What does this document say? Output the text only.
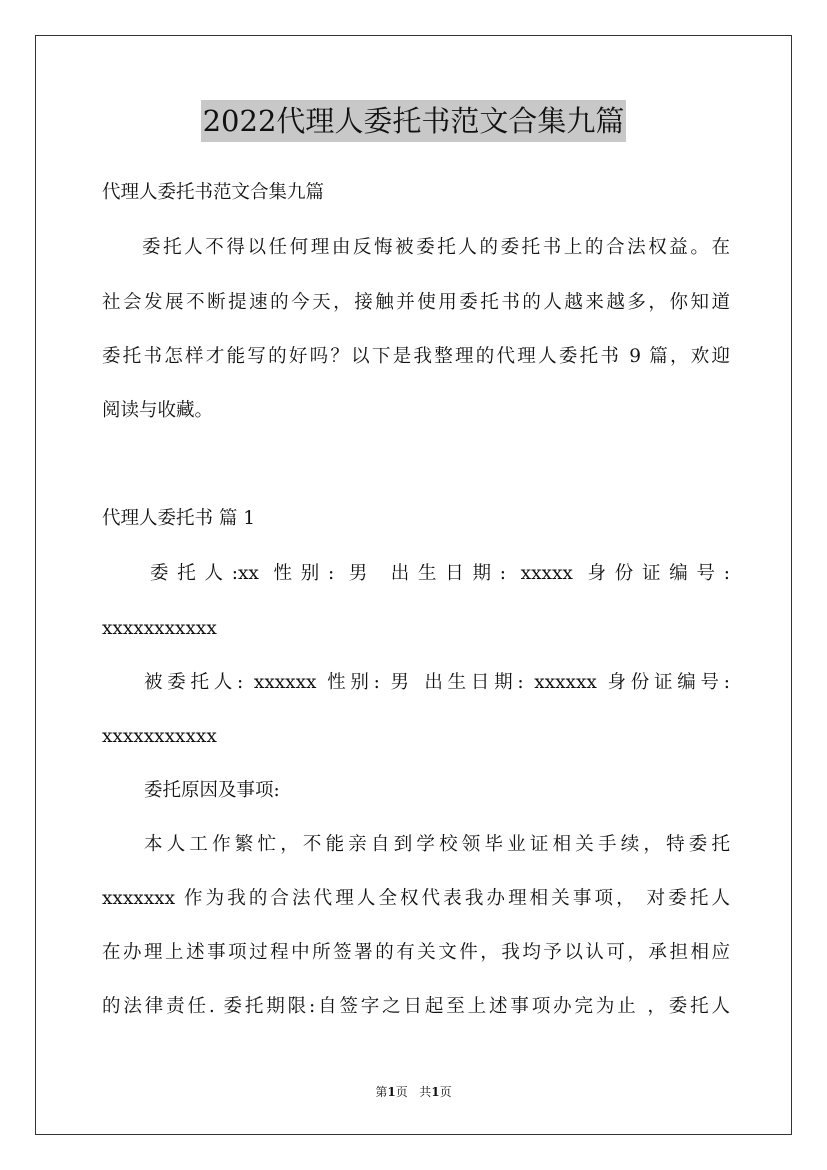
2022代理人委托书范文合集九篇
代理人委托书范文合集九篇
委托人不得以任何理由反悔被委托人的委托书上的合法权益。在
社会发展不断提速的今天，接触并使用委托书的人越来越多，你知道
委托书怎样才能写的好吗？以下是我整理的代理人委托书 9 篇，欢迎
阅读与收藏。
代理人委托书 篇 1
委托人:xx 性别: 男 出生日期: xxxxx 身份证编号:
xxxxxxxxxxx
被委托人: xxxxxx 性别: 男 出生日期: xxxxxx 身份证编号:
xxxxxxxxxxx
委托原因及事项:
本人工作繁忙，不能亲自到学校领毕业证相关手续，特委托
xxxxxxx 作为我的合法代理人全权代表我办理相关事项， 对委托人
在办理上述事项过程中所签署的有关文件，我均予以认可，承担相应
的法律责任. 委托期限:自签字之日起至上述事项办完为止 ，委托人
第1页 共1页
